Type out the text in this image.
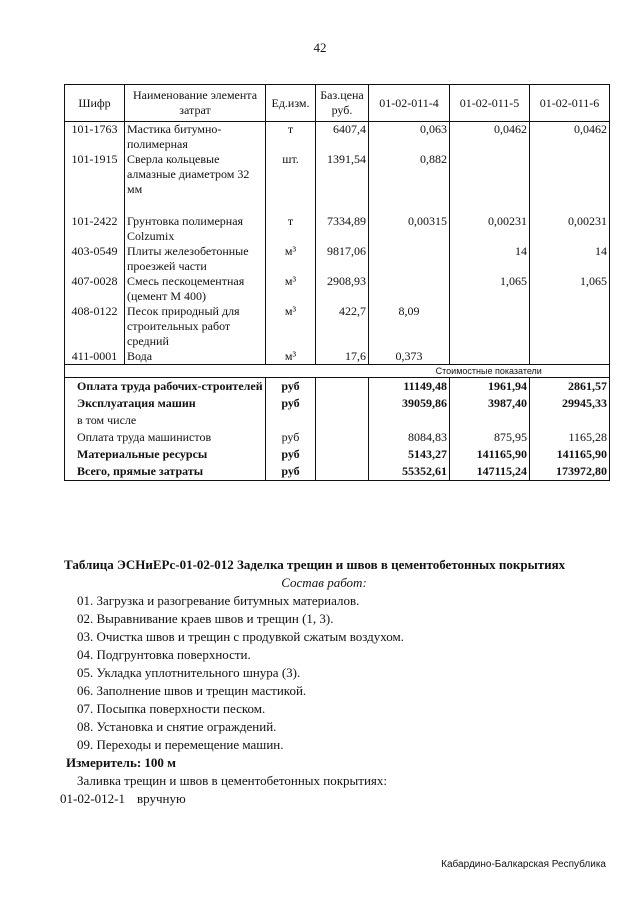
42
Шифр	Наименование элемента затрат	Ед.изм.	Баз.цена руб.	01-02-011-4	01-02-011-5	01-02-011-6
101-1763	Мастика битумно-полимерная	т	6407,4	0,063	0,0462	0,0462
101-1915	Сверла кольцевые алмазные диаметром 32 мм	шт.	1391,54	0,882		
101-2422	Грунтовка полимерная Colzumix	т	7334,89	0,00315	0,00231	0,00231
403-0549	Плиты железобетонные проезжей части	м³	9817,06		14	14
407-0028	Смесь пескоцементная (цемент М 400)	м³	2908,93		1,065	1,065
408-0122	Песок природный для строительных работ средний	м³	422,7	8,09		
411-0001	Вода	м³	17,6	0,373		
				Стоимостные показатели		
Оплата труда рабочих-строителей		руб		11149,48	1961,94	2861,57
Эксплуатация машин		руб		39059,86	3987,40	29945,33
в том числе						
Оплата труда машинистов		руб		8084,83	875,95	1165,28
Материальные ресурсы		руб		5143,27	141165,90	141165,90
Всего, прямые затраты		руб		55352,61	147115,24	173972,80
Таблица ЭСНиЕРс-01-02-012 Заделка трещин и швов в цементобетонных покрытиях
Состав работ:
01. Загрузка и разогревание битумных материалов.
02. Выравнивание краев швов и трещин (1, 3).
03. Очистка швов и трещин с продувкой сжатым воздухом.
04. Подгрунтовка поверхности.
05. Укладка уплотнительного шнура (3).
06. Заполнение швов и трещин мастикой.
07. Посыпка поверхности песком.
08. Установка и снятие ограждений.
09. Переходы и перемещение машин.
Измеритель: 100 м
Заливка трещин и швов в цементобетонных покрытиях:
01-02-012-1 вручную
Кабардино-Балкарская Республика
